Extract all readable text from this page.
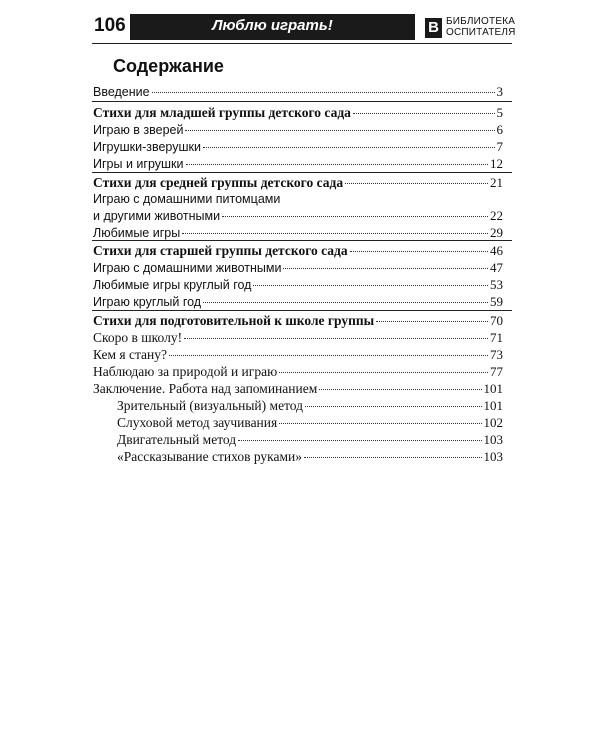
106	Люблю играть!	В БИБЛИОТЕКА
ОСПИТАТЕЛЯ
Содержание
Введение	3
Стихи для младшей группы детского сада	5
Играю в зверей	6
Игрушки-зверушки	7
Игры и игрушки	12
Стихи для средней группы детского сада	21
Играю с домашними питомцами
и другими животными	22
Любимые игры	29
Стихи для старшей группы детского сада	46
Играю с домашними животными	47
Любимые игры круглый год	53
Играю круглый год	59
Стихи для подготовительной к школе группы	70
Скоро в школу!	71
Кем я стану?	73
Наблюдаю за природой и играю	77
Заключение. Работа над запоминанием	101
Зрительный (визуальный) метод	101
Слуховой метод заучивания	102
Двигательный метод	103
«Рассказывание стихов руками»	103
